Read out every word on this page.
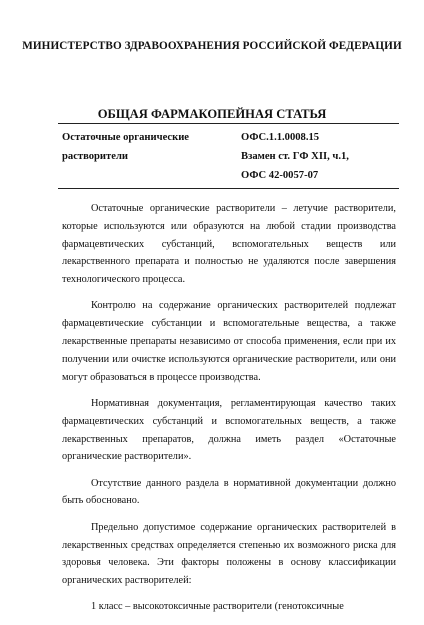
МИНИСТЕРСТВО ЗДРАВООХРАНЕНИЯ РОССИЙСКОЙ ФЕДЕРАЦИИ
ОБЩАЯ ФАРМАКОПЕЙНАЯ СТАТЬЯ
Остаточные органические
растворители
ОФС.1.1.0008.15
Взамен ст. ГФ XII, ч.1,
ОФС 42-0057-07

Остаточные органические растворители – летучие растворители, которые используются или образуются на любой стадии производства фармацевтических субстанций, вспомогательных веществ или лекарственного препарата и полностью не удаляются после завершения технологического процесса.

Контролю на содержание органических растворителей подлежат фармацевтические субстанции и вспомогательные вещества, а также лекарственные препараты независимо от способа применения, если при их получении или очистке используются органические растворители, или они могут образоваться в процессе производства.

Нормативная документация, регламентирующая качество таких фармацевтических субстанций и вспомогательных веществ, а также лекарственных препаратов, должна иметь раздел «Остаточные органические растворители».

Отсутствие данного раздела в нормативной документации должно быть обосновано.

Предельно допустимое содержание органических растворителей в лекарственных средствах определяется степенью их возможного риска для здоровья человека. Эти факторы положены в основу классификации органических растворителей:

1 класс – высокотоксичные растворители (генотоксичные
